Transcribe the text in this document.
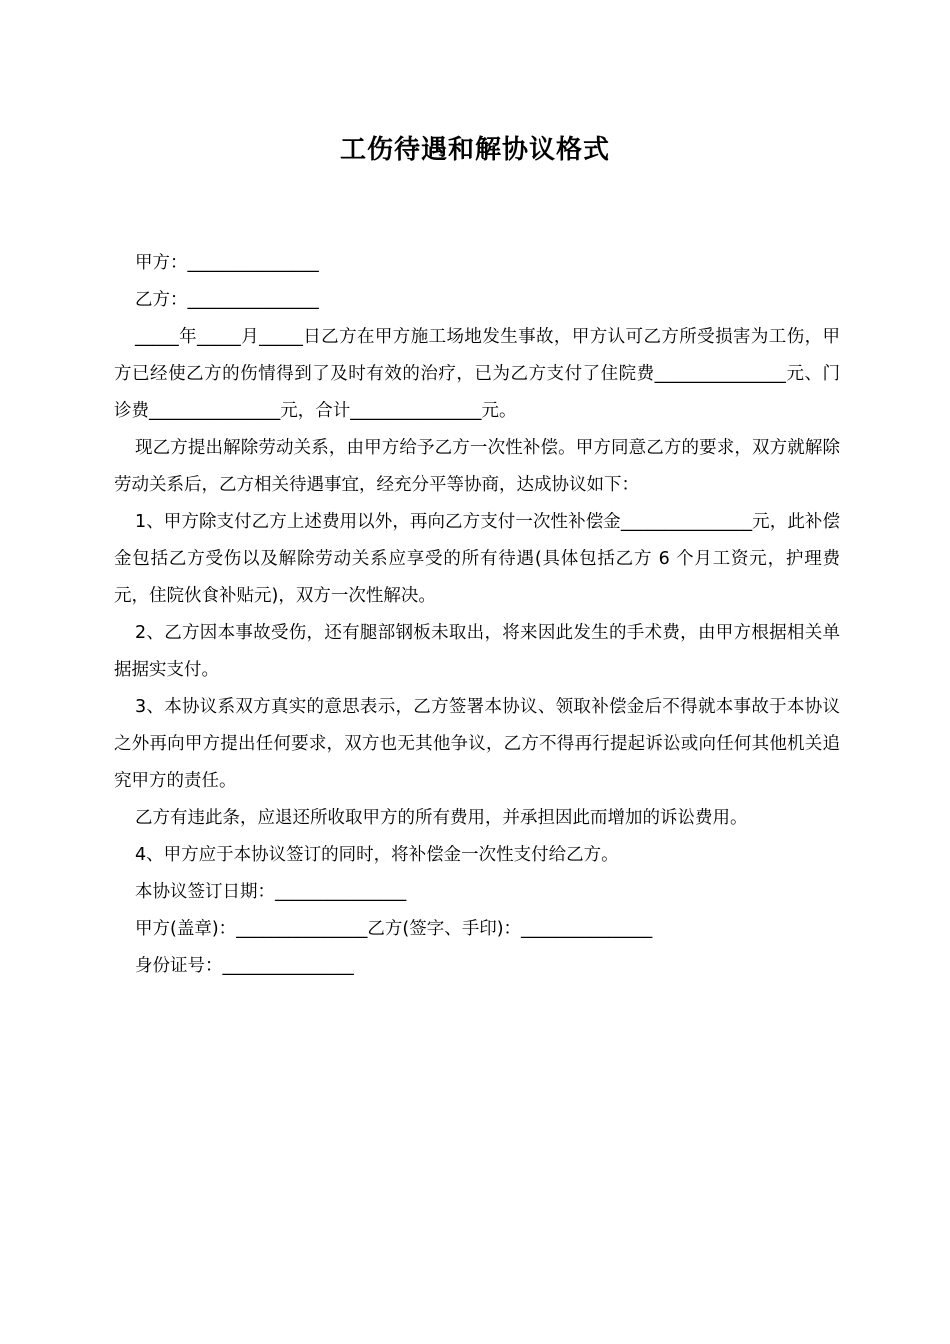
工伤待遇和解协议格式

甲方：_______________

乙方：_______________

_____年_____月_____日乙方在甲方施工场地发生事故，甲方认可乙方所受损害为工伤，甲方已经使乙方的伤情得到了及时有效的治疗，已为乙方支付了住院费_______________元、门诊费_______________元，合计_______________元。

现乙方提出解除劳动关系，由甲方给予乙方一次性补偿。甲方同意乙方的要求，双方就解除劳动关系后，乙方相关待遇事宜，经充分平等协商，达成协议如下：

1、甲方除支付乙方上述费用以外，再向乙方支付一次性补偿金_______________元，此补偿金包括乙方受伤以及解除劳动关系应享受的所有待遇(具体包括乙方 6 个月工资元，护理费元，住院伙食补贴元)，双方一次性解决。

2、乙方因本事故受伤，还有腿部钢板未取出，将来因此发生的手术费，由甲方根据相关单据据实支付。

3、本协议系双方真实的意思表示，乙方签署本协议、领取补偿金后不得就本事故于本协议之外再向甲方提出任何要求，双方也无其他争议，乙方不得再行提起诉讼或向任何其他机关追究甲方的责任。

乙方有违此条，应退还所收取甲方的所有费用，并承担因此而增加的诉讼费用。

4、甲方应于本协议签订的同时，将补偿金一次性支付给乙方。

本协议签订日期：_______________

甲方(盖章)：_______________乙方(签字、手印)：_______________

身份证号：_______________
